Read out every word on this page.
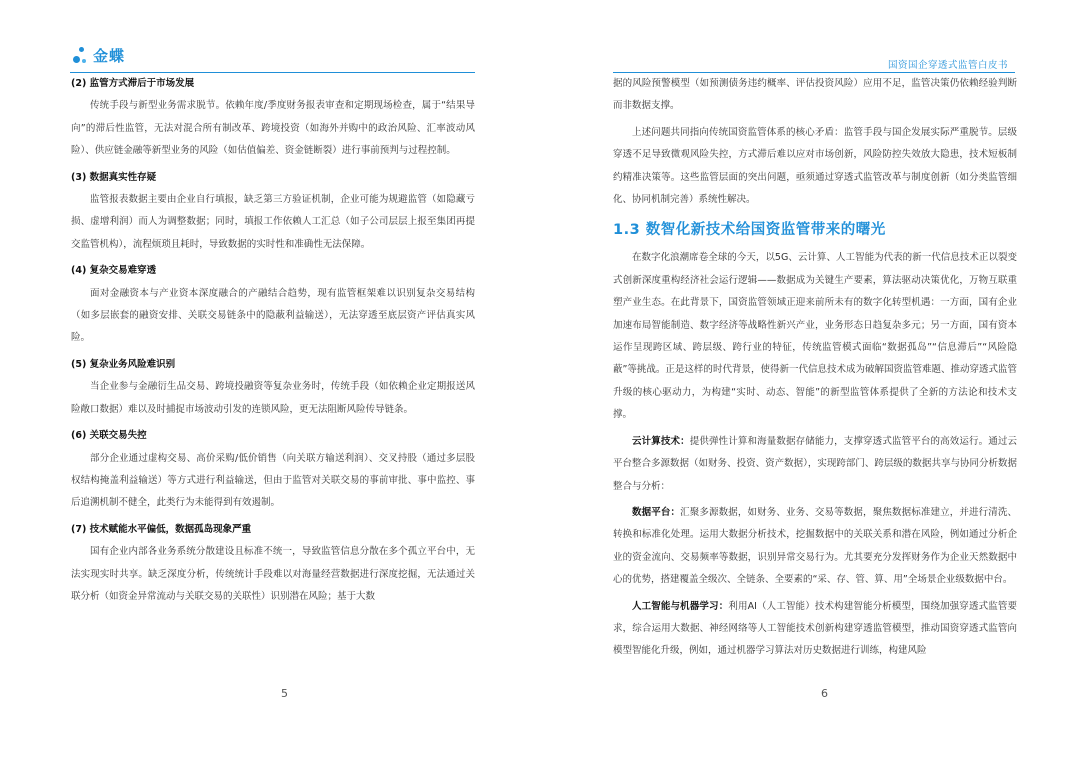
金蝶
国资国企穿透式监管白皮书

(2) 监管方式滞后于市场发展

传统手段与新型业务需求脱节。依赖年度/季度财务报表审查和定期现场检查，属于“结果导向”的滞后性监管，无法对混合所有制改革、跨境投资（如海外并购中的政治风险、汇率波动风险）、供应链金融等新型业务的风险（如估值偏差、资金链断裂）进行事前预判与过程控制。

(3) 数据真实性存疑

监管报表数据主要由企业自行填报，缺乏第三方验证机制，企业可能为规避监管（如隐藏亏损、虚增利润）而人为调整数据；同时，填报工作依赖人工汇总（如子公司层层上报至集团再提交监管机构），流程烦琐且耗时，导致数据的实时性和准确性无法保障。

(4) 复杂交易难穿透

面对金融资本与产业资本深度融合的产融结合趋势，现有监管框架难以识别复杂交易结构（如多层嵌套的融资安排、关联交易链条中的隐蔽利益输送），无法穿透至底层资产评估真实风险。

(5) 复杂业务风险难识别

当企业参与金融衍生品交易、跨境投融资等复杂业务时，传统手段（如依赖企业定期报送风险敞口数据）难以及时捕捉市场波动引发的连锁风险，更无法阻断风险传导链条。

(6) 关联交易失控

部分企业通过虚构交易、高价采购/低价销售（向关联方输送利润）、交叉持股（通过多层股权结构掩盖利益输送）等方式进行利益输送，但由于监管对关联交易的事前审批、事中监控、事后追溯机制不健全，此类行为未能得到有效遏制。

(7) 技术赋能水平偏低，数据孤岛现象严重

国有企业内部各业务系统分散建设且标准不统一，导致监管信息分散在多个孤立平台中，无法实现实时共享。缺乏深度分析，传统统计手段难以对海量经营数据进行深度挖掘，无法通过关联分析（如资金异常流动与关联交易的关联性）识别潜在风险；基于大数

据的风险预警模型（如预测债务违约概率、评估投资风险）应用不足，监管决策仍依赖经验判断而非数据支撑。

上述问题共同指向传统国资监管体系的核心矛盾：监管手段与国企发展实际严重脱节。层级穿透不足导致微观风险失控，方式滞后难以应对市场创新，风险防控失效放大隐患，技术短板制约精准决策等。这些监管层面的突出问题，亟须通过穿透式监管改革与制度创新（如分类监管细化、协同机制完善）系统性解决。

1.3 数智化新技术给国资监管带来的曙光

在数字化浪潮席卷全球的今天，以5G、云计算、人工智能为代表的新一代信息技术正以裂变式创新深度重构经济社会运行逻辑——数据成为关键生产要素，算法驱动决策优化，万物互联重塑产业生态。在此背景下，国资监管领域正迎来前所未有的数字化转型机遇：一方面，国有企业加速布局智能制造、数字经济等战略性新兴产业，业务形态日趋复杂多元；另一方面，国有资本运作呈现跨区域、跨层级、跨行业的特征，传统监管模式面临“数据孤岛”“信息滞后”“风险隐蔽”等挑战。正是这样的时代背景，使得新一代信息技术成为破解国资监管难题、推动穿透式监管升级的核心驱动力，为构建“实时、动态、智能”的新型监管体系提供了全新的方法论和技术支撑。

云计算技术：提供弹性计算和海量数据存储能力，支撑穿透式监管平台的高效运行。通过云平台整合多源数据（如财务、投资、资产数据），实现跨部门、跨层级的数据共享与协同分析数据整合与分析：

数据平台：汇聚多源数据，如财务、业务、交易等数据，聚焦数据标准建立，并进行清洗、转换和标准化处理。运用大数据分析技术，挖掘数据中的关联关系和潜在风险，例如通过分析企业的资金流向、交易频率等数据，识别异常交易行为。尤其要充分发挥财务作为企业天然数据中心的优势，搭建覆盖全级次、全链条、全要素的“采、存、管、算、用”全场景企业级数据中台。

人工智能与机器学习：利用AI（人工智能）技术构建智能分析模型，围绕加强穿透式监管要求，综合运用大数据、神经网络等人工智能技术创新构建穿透监管模型，推动国资穿透式监管向模型智能化升级，例如，通过机器学习算法对历史数据进行训练，构建风险

5	6
